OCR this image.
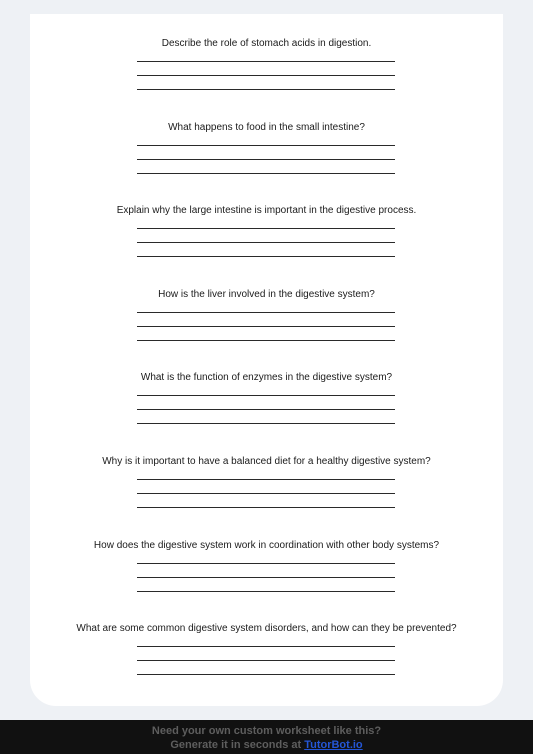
Describe the role of stomach acids in digestion.
What happens to food in the small intestine?
Explain why the large intestine is important in the digestive process.
How is the liver involved in the digestive system?
What is the function of enzymes in the digestive system?
Why is it important to have a balanced diet for a healthy digestive system?
How does the digestive system work in coordination with other body systems?
What are some common digestive system disorders, and how can they be prevented?
Need your own custom worksheet like this?
Generate it in seconds at TutorBot.io
